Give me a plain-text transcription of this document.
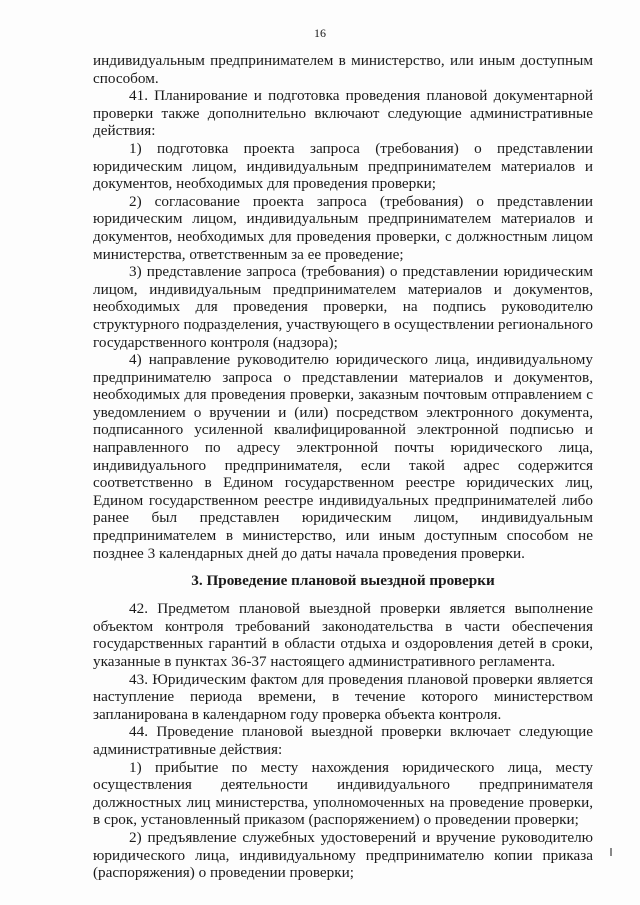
16

индивидуальным предпринимателем в министерство, или иным доступным способом.

41. Планирование и подготовка проведения плановой документарной проверки также дополнительно включают следующие административные действия:

1) подготовка проекта запроса (требования) о представлении юридическим лицом, индивидуальным предпринимателем материалов и документов, необходимых для проведения проверки;

2) согласование проекта запроса (требования) о представлении юридическим лицом, индивидуальным предпринимателем материалов и документов, необходимых для проведения проверки, с должностным лицом министерства, ответственным за ее проведение;

3) представление запроса (требования) о представлении юридическим лицом, индивидуальным предпринимателем материалов и документов, необходимых для проведения проверки, на подпись руководителю структурного подразделения, участвующего в осуществлении регионального государственного контроля (надзора);

4) направление руководителю юридического лица, индивидуальному предпринимателю запроса о представлении материалов и документов, необходимых для проведения проверки, заказным почтовым отправлением с уведомлением о вручении и (или) посредством электронного документа, подписанного усиленной квалифицированной электронной подписью и направленного по адресу электронной почты юридического лица, индивидуального предпринимателя, если такой адрес содержится соответственно в Едином государственном реестре юридических лиц, Едином государственном реестре индивидуальных предпринимателей либо ранее был представлен юридическим лицом, индивидуальным предпринимателем в министерство, или иным доступным способом не позднее 3 календарных дней до даты начала проведения проверки.

3. Проведение плановой выездной проверки

42. Предметом плановой выездной проверки является выполнение объектом контроля требований законодательства в части обеспечения государственных гарантий в области отдыха и оздоровления детей в сроки, указанные в пунктах 36-37 настоящего административного регламента.

43. Юридическим фактом для проведения плановой проверки является наступление периода времени, в течение которого министерством запланирована в календарном году проверка объекта контроля.

44. Проведение плановой выездной проверки включает следующие административные действия:

1) прибытие по месту нахождения юридического лица, месту осуществления деятельности индивидуального предпринимателя должностных лиц министерства, уполномоченных на проведение проверки, в срок, установленный приказом (распоряжением) о проведении проверки;

2) предъявление служебных удостоверений и вручение руководителю юридического лица, индивидуальному предпринимателю копии приказа (распоряжения) о проведении проверки;
